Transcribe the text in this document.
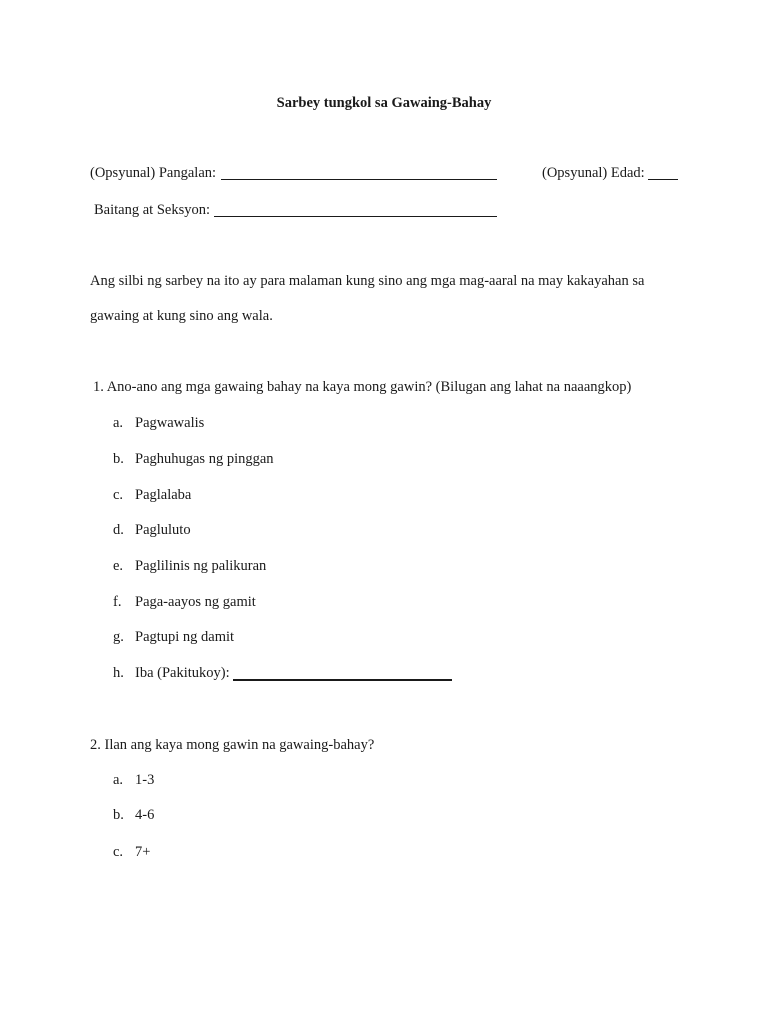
Sarbey tungkol sa Gawaing-Bahay
(Opsyunal) Pangalan:	(Opsyunal) Edad:
Baitang at Seksyon:
Ang silbi ng sarbey na ito ay para malaman kung sino ang mga mag-aaral na may kakayahan sa
gawaing at kung sino ang wala.
1. Ano-ano ang mga gawaing bahay na kaya mong gawin? (Bilugan ang lahat na naaangkop)
a. Pagwawalis
b. Paghuhugas ng pinggan
c. Paglalaba
d. Pagluluto
e. Paglilinis ng palikuran
f. Paga-aayos ng gamit
g. Pagtupi ng damit
h. Iba (Pakitukoy):
2. Ilan ang kaya mong gawin na gawaing-bahay?
a. 1-3
b. 4-6
c. 7+
